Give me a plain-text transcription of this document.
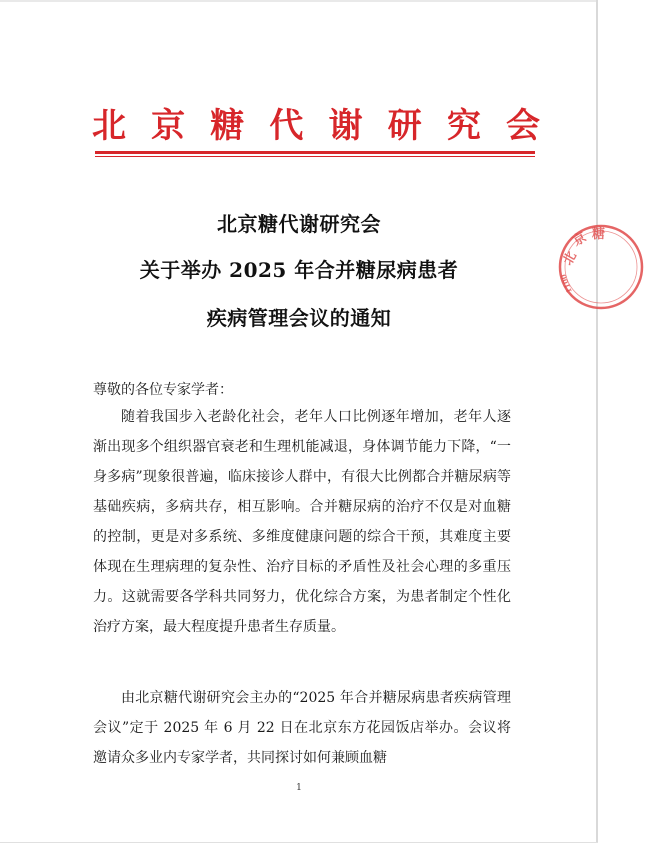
北 京 糖 代 谢 研 究 会
北京糖代谢研究会
关于举办 2025 年合并糖尿病患者
疾病管理会议的通知
北
京 糖
1100
尊敬的各位专家学者：

随着我国步入老龄化社会，老年人口比例逐年增加，老年人逐渐出现多个组织器官衰老和生理机能减退，身体调节能力下降，“一身多病”现象很普遍，临床接诊人群中，有很大比例都合并糖尿病等基础疾病，多病共存，相互影响。合并糖尿病的治疗不仅是对血糖的控制，更是对多系统、多维度健康问题的综合干预，其难度主要体现在生理病理的复杂性、治疗目标的矛盾性及社会心理的多重压力。这就需要各学科共同努力，优化综合方案，为患者制定个性化治疗方案，最大程度提升患者生存质量。

由北京糖代谢研究会主办的“2025 年合并糖尿病患者疾病管理会议”定于 2025 年 6 月 22 日在北京东方花园饭店举办。会议将邀请众多业内专家学者，共同探讨如何兼顾血糖

1
